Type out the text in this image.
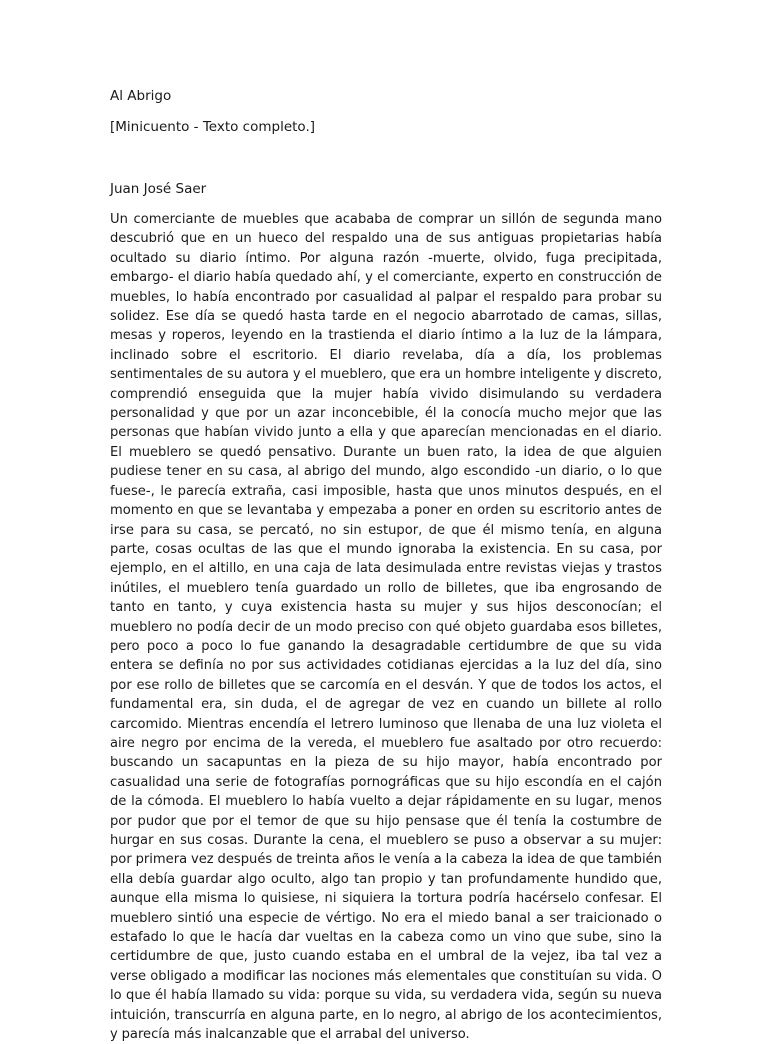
Al Abrigo
[Minicuento - Texto completo.]
Juan José Saer

Un comerciante de muebles que acababa de comprar un sillón de segunda mano descubrió que en un hueco del respaldo una de sus antiguas propietarias había ocultado su diario íntimo. Por alguna razón -muerte, olvido, fuga precipitada, embargo- el diario había quedado ahí, y el comerciante, experto en construcción de muebles, lo había encontrado por casualidad al palpar el respaldo para probar su solidez. Ese día se quedó hasta tarde en el negocio abarrotado de camas, sillas, mesas y roperos, leyendo en la trastienda el diario íntimo a la luz de la lámpara, inclinado sobre el escritorio. El diario revelaba, día a día, los problemas sentimentales de su autora y el mueblero, que era un hombre inteligente y discreto, comprendió enseguida que la mujer había vivido disimulando su verdadera personalidad y que por un azar inconcebible, él la conocía mucho mejor que las personas que habían vivido junto a ella y que aparecían mencionadas en el diario. El mueblero se quedó pensativo. Durante un buen rato, la idea de que alguien pudiese tener en su casa, al abrigo del mundo, algo escondido -un diario, o lo que fuese-, le parecía extraña, casi imposible, hasta que unos minutos después, en el momento en que se levantaba y empezaba a poner en orden su escritorio antes de irse para su casa, se percató, no sin estupor, de que él mismo tenía, en alguna parte, cosas ocultas de las que el mundo ignoraba la existencia. En su casa, por ejemplo, en el altillo, en una caja de lata desimulada entre revistas viejas y trastos inútiles, el mueblero tenía guardado un rollo de billetes, que iba engrosando de tanto en tanto, y cuya existencia hasta su mujer y sus hijos desconocían; el mueblero no podía decir de un modo preciso con qué objeto guardaba esos billetes, pero poco a poco lo fue ganando la desagradable certidumbre de que su vida entera se definía no por sus actividades cotidianas ejercidas a la luz del día, sino por ese rollo de billetes que se carcomía en el desván. Y que de todos los actos, el fundamental era, sin duda, el de agregar de vez en cuando un billete al rollo carcomido. Mientras encendía el letrero luminoso que llenaba de una luz violeta el aire negro por encima de la vereda, el mueblero fue asaltado por otro recuerdo: buscando un sacapuntas en la pieza de su hijo mayor, había encontrado por casualidad una serie de fotografías pornográficas que su hijo escondía en el cajón de la cómoda. El mueblero lo había vuelto a dejar rápidamente en su lugar, menos por pudor que por el temor de que su hijo pensase que él tenía la costumbre de hurgar en sus cosas. Durante la cena, el mueblero se puso a observar a su mujer: por primera vez después de treinta años le venía a la cabeza la idea de que también ella debía guardar algo oculto, algo tan propio y tan profundamente hundido que, aunque ella misma lo quisiese, ni siquiera la tortura podría hacérselo confesar. El mueblero sintió una especie de vértigo. No era el miedo banal a ser traicionado o estafado lo que le hacía dar vueltas en la cabeza como un vino que sube, sino la certidumbre de que, justo cuando estaba en el umbral de la vejez, iba tal vez a verse obligado a modificar las nociones más elementales que constituían su vida. O lo que él había llamado su vida: porque su vida, su verdadera vida, según su nueva intuición, transcurría en alguna parte, en lo negro, al abrigo de los acontecimientos, y parecía más inalcanzable que el arrabal del universo.
